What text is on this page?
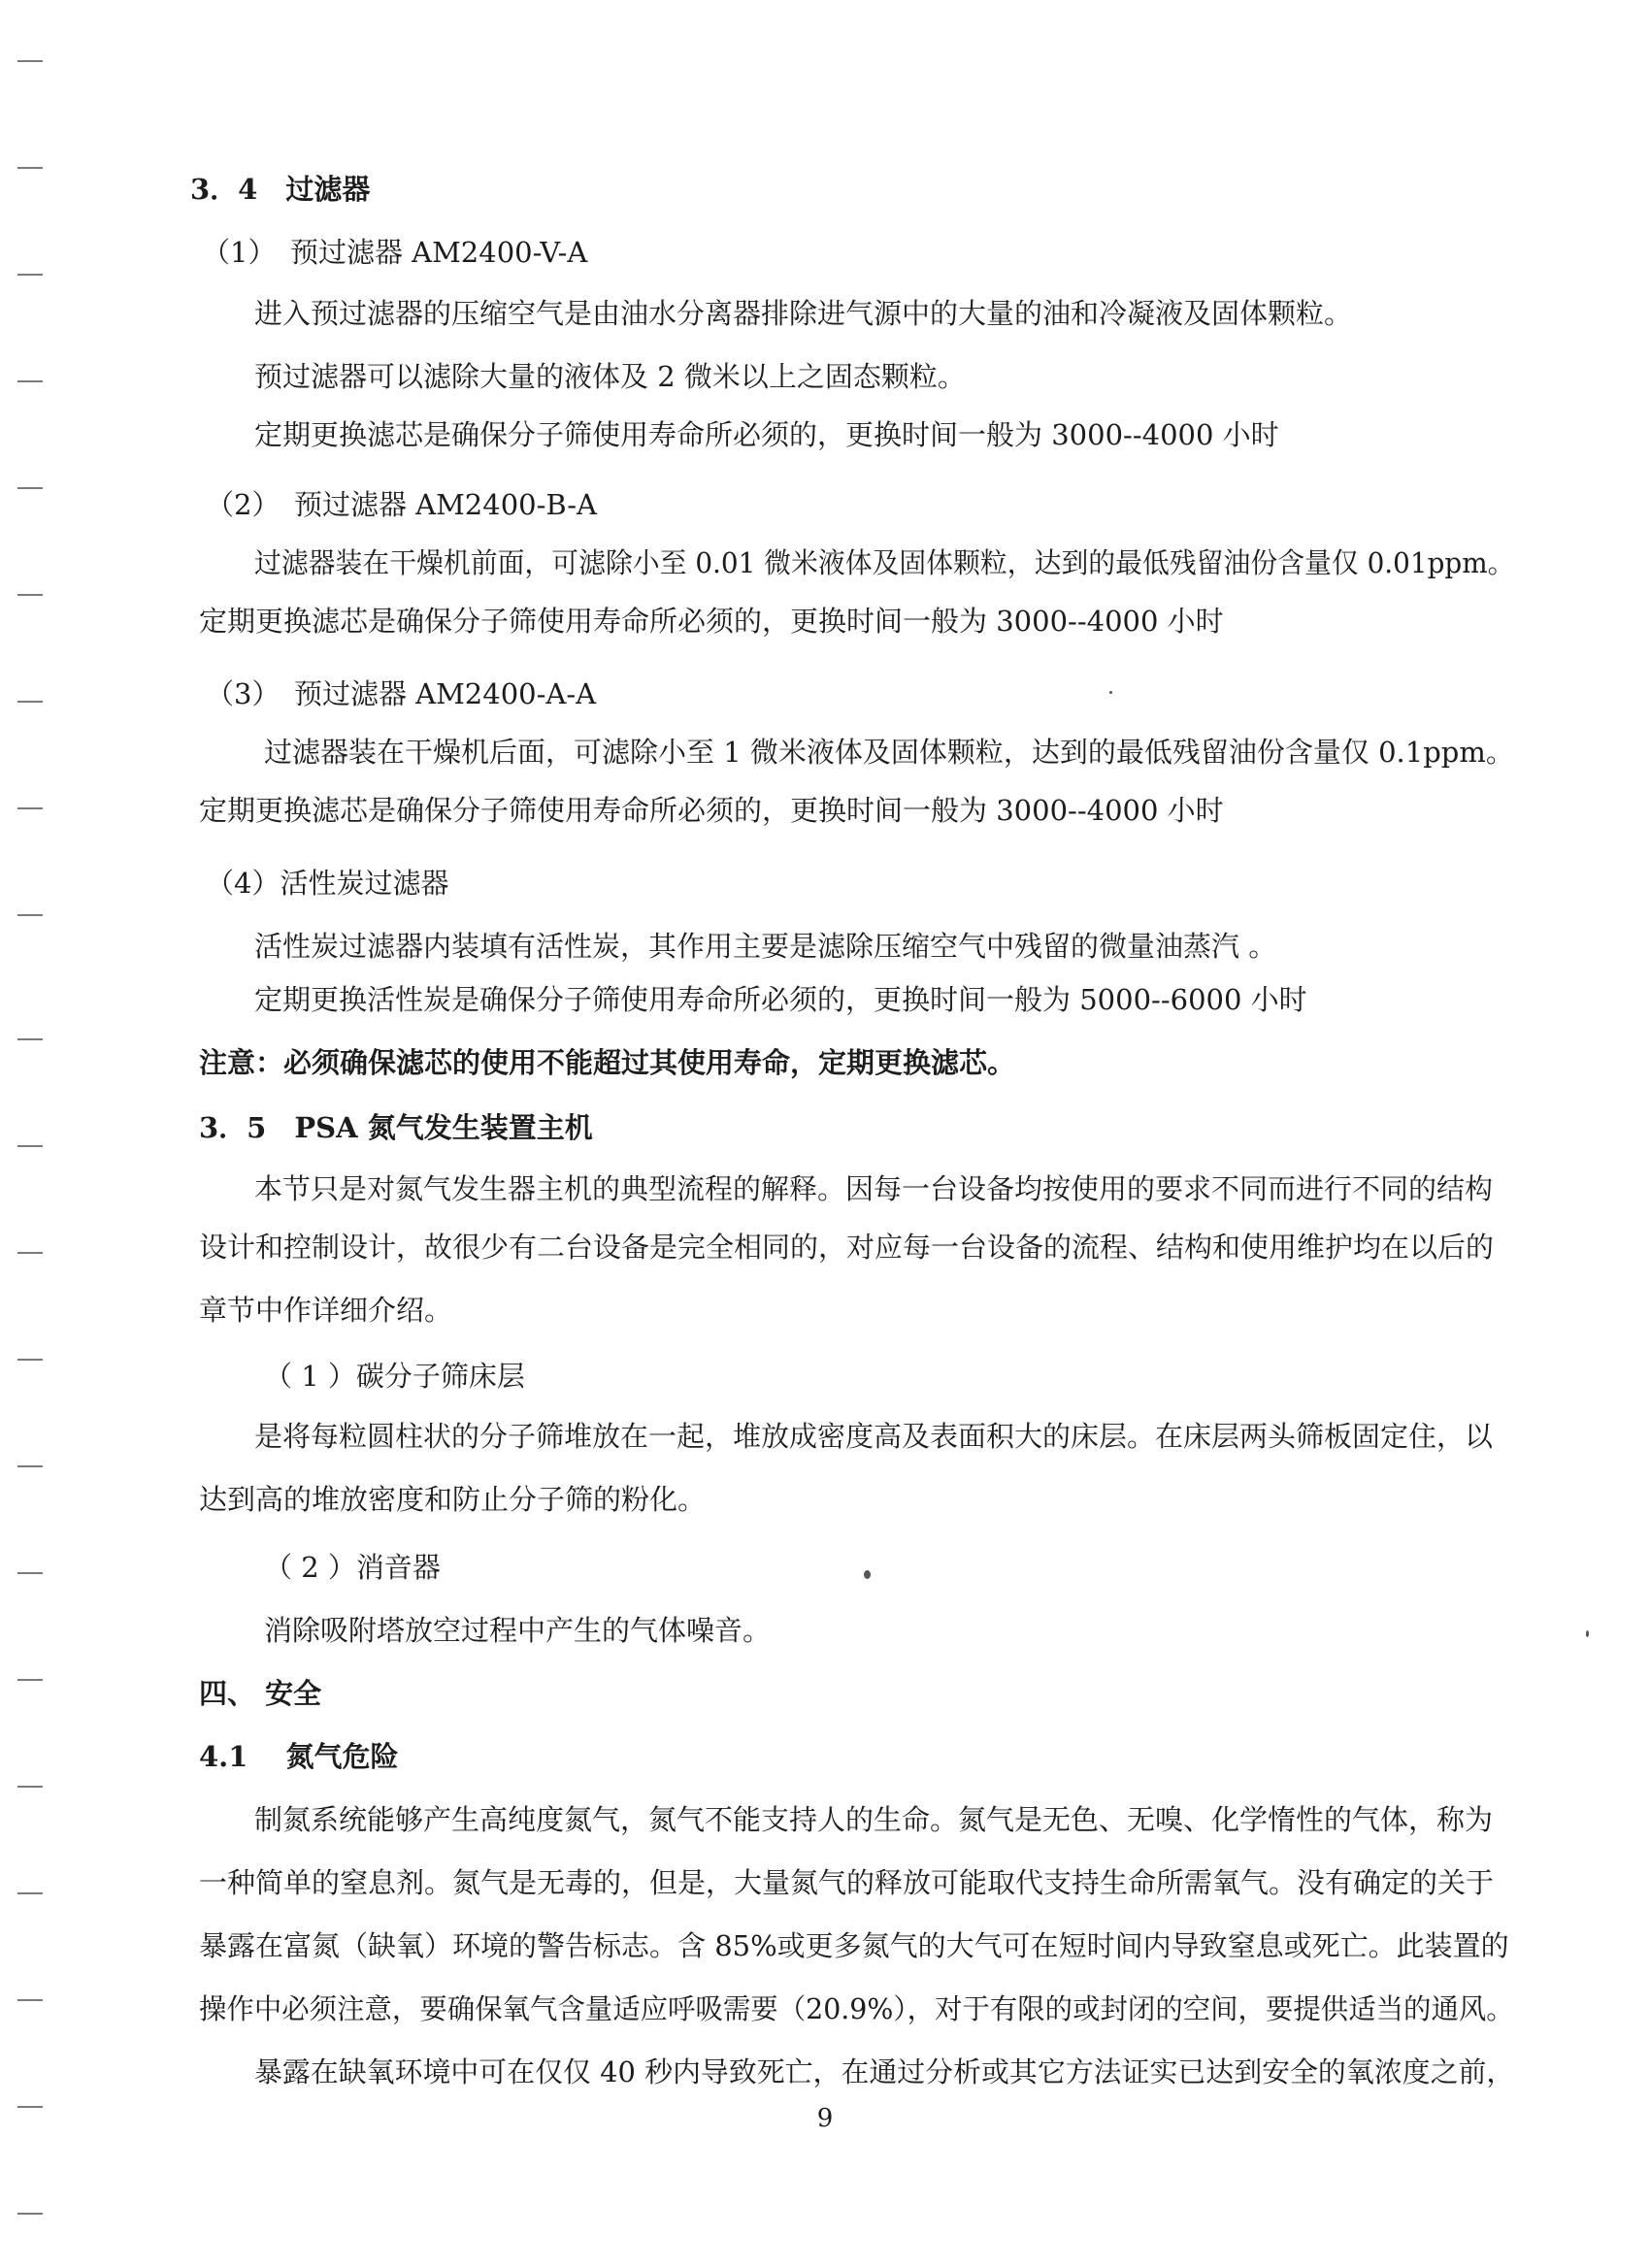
3．4　过滤器

（1）　预过滤器 AM2400-V-A

进入预过滤器的压缩空气是由油水分离器排除进气源中的大量的油和冷凝液及固体颗粒。

预过滤器可以滤除大量的液体及 2 微米以上之固态颗粒。

定期更换滤芯是确保分子筛使用寿命所必须的，更换时间一般为 3000--4000 小时

（2）　预过滤器 AM2400-B-A

过滤器装在干燥机前面，可滤除小至 0.01 微米液体及固体颗粒，达到的最低残留油份含量仅 0.01ppm。

定期更换滤芯是确保分子筛使用寿命所必须的，更换时间一般为 3000--4000 小时

（3）　预过滤器 AM2400-A-A

过滤器装在干燥机后面，可滤除小至 1 微米液体及固体颗粒，达到的最低残留油份含量仅 0.1ppm。

定期更换滤芯是确保分子筛使用寿命所必须的，更换时间一般为 3000--4000 小时

（4）活性炭过滤器

活性炭过滤器内装填有活性炭，其作用主要是滤除压缩空气中残留的微量油蒸汽 。

定期更换活性炭是确保分子筛使用寿命所必须的，更换时间一般为 5000--6000 小时

注意：必须确保滤芯的使用不能超过其使用寿命，定期更换滤芯。

3．5　PSA 氮气发生装置主机

本节只是对氮气发生器主机的典型流程的解释。因每一台设备均按使用的要求不同而进行不同的结构

设计和控制设计，故很少有二台设备是完全相同的，对应每一台设备的流程、结构和使用维护均在以后的

章节中作详细介绍。

（ 1 ）碳分子筛床层

是将每粒圆柱状的分子筛堆放在一起，堆放成密度高及表面积大的床层。在床层两头筛板固定住，以

达到高的堆放密度和防止分子筛的粉化。

（ 2 ）消音器

消除吸附塔放空过程中产生的气体噪音。

四、 安全

4.1　 氮气危险

制氮系统能够产生高纯度氮气，氮气不能支持人的生命。氮气是无色、无嗅、化学惰性的气体，称为

一种简单的窒息剂。氮气是无毒的，但是，大量氮气的释放可能取代支持生命所需氧气。没有确定的关于

暴露在富氮（缺氧）环境的警告标志。含 85%或更多氮气的大气可在短时间内导致窒息或死亡。此装置的

操作中必须注意，要确保氧气含量适应呼吸需要（20.9%），对于有限的或封闭的空间，要提供适当的通风。

暴露在缺氧环境中可在仅仅 40 秒内导致死亡，在通过分析或其它方法证实已达到安全的氧浓度之前，

9
